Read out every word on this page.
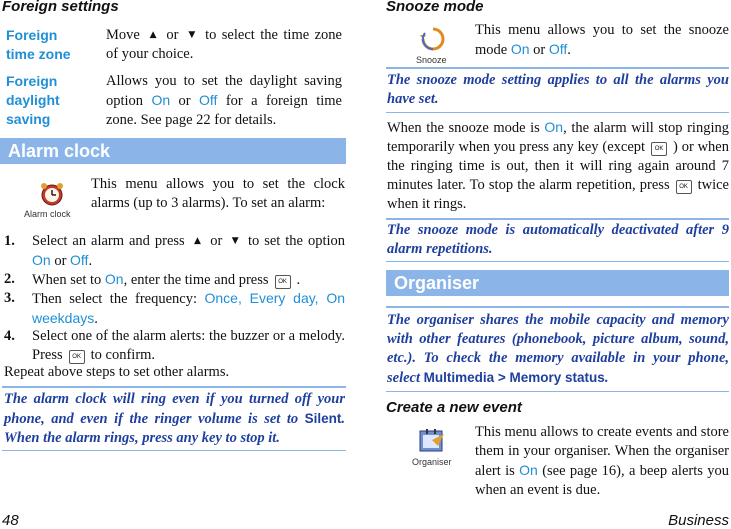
Foreign settings
Foreign time zone

Move ▲ or ▼ to select the time zone of your choice.

Foreign daylight saving

Allows you to set the daylight saving option On or Off for a foreign time zone. See page 22 for details.

Alarm clock
Alarm clock

This menu allows you to set the clock alarms (up to 3 alarms). To set an alarm:

1. Select an alarm and press ▲ or ▼ to set the option On or Off.
2. When set to On, enter the time and press OK .
3. Then select the frequency: Once, Every day, On weekdays.
4. Select one of the alarm alerts: the buzzer or a melody. Press OK to confirm.

Repeat above steps to set other alarms.

The alarm clock will ring even if you turned off your phone, and even if the ringer volume is set to Silent. When the alarm rings, press any key to stop it.
Snooze mode
Snooze

This menu allows you to set the snooze mode On or Off.

The snooze mode setting applies to all the alarms you have set.

When the snooze mode is On, the alarm will stop ringing temporarily when you press any key (except OK ) or when the ringing time is out, then it will ring again around 7 minutes later. To stop the alarm repetition, press OK twice when it rings.

The snooze mode is automatically deactivated after 9 alarm repetitions.
Organiser
The organiser shares the mobile capacity and memory with other features (phonebook, picture album, sound, etc.). To check the memory available in your phone, select Multimedia > Memory status.
Create a new event
Organiser

This menu allows to create events and store them in your organiser. When the organiser alert is On (see page 16), a beep alerts you when an event is due.

48	Business
